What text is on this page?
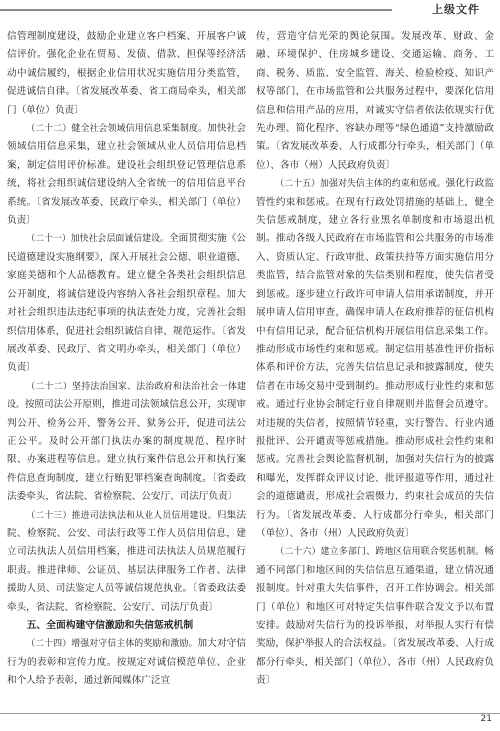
上级文件

信管理制度建设，鼓励企业建立客户档案、开展客户诚信评价。强化企业在贸易、发债、借款、担保等经济活动中诚信履约，根据企业信用状况实施信用分类监管，促进诚信自律。〔省发展改革委、省工商局牵头，相关部门（单位）负责〕

（二十二）健全社会领域信用信息采集制度。加快社会领域信用信息采集，建立社会领域从业人员信用信息档案，制定信用评价标准。建设社会组织登记管理信息系统，将社会组织诚信建设纳入全省统一的信用信息平台系统。〔省发展改革委、民政厅牵头，相关部门（单位）负责〕

（二十一）加快社会层面诚信建设。全面贯彻实施《公民道德建设实施纲要》，深入开展社会公德、职业道德、家庭美德和个人品德教育。建立健全各类社会组织信息公开制度，将诚信建设内容纳入各社会组织章程。加大对社会组织违法违纪事项的执法查处力度，完善社会组织信用体系，促进社会组织诚信自律、规范运作。〔省发展改革委、民政厅、省文明办牵头，相关部门（单位）负责〕

（二十二）坚持法治国家、法治政府和法治社会一体建设。按照司法公开原则，推进司法领域信息公开，实现审判公开、检务公开、警务公开、狱务公开，促进司法公正公平。及时公开部门执法办案的制度规范、程序时限、办案进程等信息。建立执行案件信息公开和执行案件信息查询制度，建立行贿犯罪档案查询制度。〔省委政法委牵头，省法院、省检察院、公安厅、司法厅负责〕

（二十三）推进司法执法和从业人员信用建设。归集法院、检察院、公安、司法行政等工作人员信用信息，建立司法执法人员信用档案，推进司法执法人员规范履行职责。推进律师、公证员、基层法律服务工作者、法律援助人员、司法鉴定人员等诚信规范执业。〔省委政法委牵头，省法院、省检察院、公安厅、司法厅负责〕

五、全面构建守信激励和失信惩戒机制

（二十四）增强对守信主体的奖励和激励。加大对守信行为的表彰和宣传力度。按规定对诚信模范单位、企业和个人给予表彰，通过新闻媒体广泛宣

传，营造守信光荣的舆论氛围。发展改革、财政、金融、环境保护、住房城乡建设、交通运输、商务、工商、税务、质监、安全监管、海关、检验检疫、知识产权等部门，在市场监管和公共服务过程中，要深化信用信息和信用产品的应用，对诚实守信者依法依规实行优先办理、简化程序、容缺办理等“绿色通道”支持激励政策。〔省发展改革委、人行成都分行牵头，相关部门（单位）、各市（州）人民政府负责〕

（二十五）加强对失信主体的约束和惩戒。强化行政监管性约束和惩戒。在现有行政处罚措施的基础上，健全失信惩戒制度，建立各行业黑名单制度和市场退出机制。推动各级人民政府在市场监管和公共服务的市场准入、资质认定、行政审批、政策扶持等方面实施信用分类监管，结合监管对象的失信类别和程度，使失信者受到惩戒。逐步建立行政许可申请人信用承诺制度，并开展申请人信用审查，确保申请人在政府推荐的征信机构中有信用记录，配合征信机构开展信用信息采集工作。推动形成市场性约束和惩戒。制定信用基准性评价指标体系和评价方法，完善失信信息记录和披露制度，使失信者在市场交易中受到制约。推动形成行业性约束和惩戒。通过行业协会制定行业自律规则并监督会员遵守。对违规的失信者，按照情节轻重，实行警告、行业内通报批评、公开谴责等惩戒措施。推动形成社会性约束和惩戒。完善社会舆论监督机制，加强对失信行为的披露和曝光，发挥群众评议讨论、批评报道等作用，通过社会的道德谴责，形成社会震慑力，约束社会成员的失信行为。〔省发展改革委、人行成都分行牵头，相关部门（单位）、各市（州）人民政府负责〕

（二十六）建立多部门、跨地区信用联合奖惩机制。畅通不同部门和地区间的失信信息互通渠道，建立情况通报制度。针对重大失信事件，召开工作协调会。相关部门（单位）和地区可对特定失信事件联合发文予以布置安排。鼓励对失信行为的投诉举报，对举报人实行有偿奖励，保护举报人的合法权益。〔省发展改革委、人行成都分行牵头，相关部门（单位）、各市（州）人民政府负责〕

21
